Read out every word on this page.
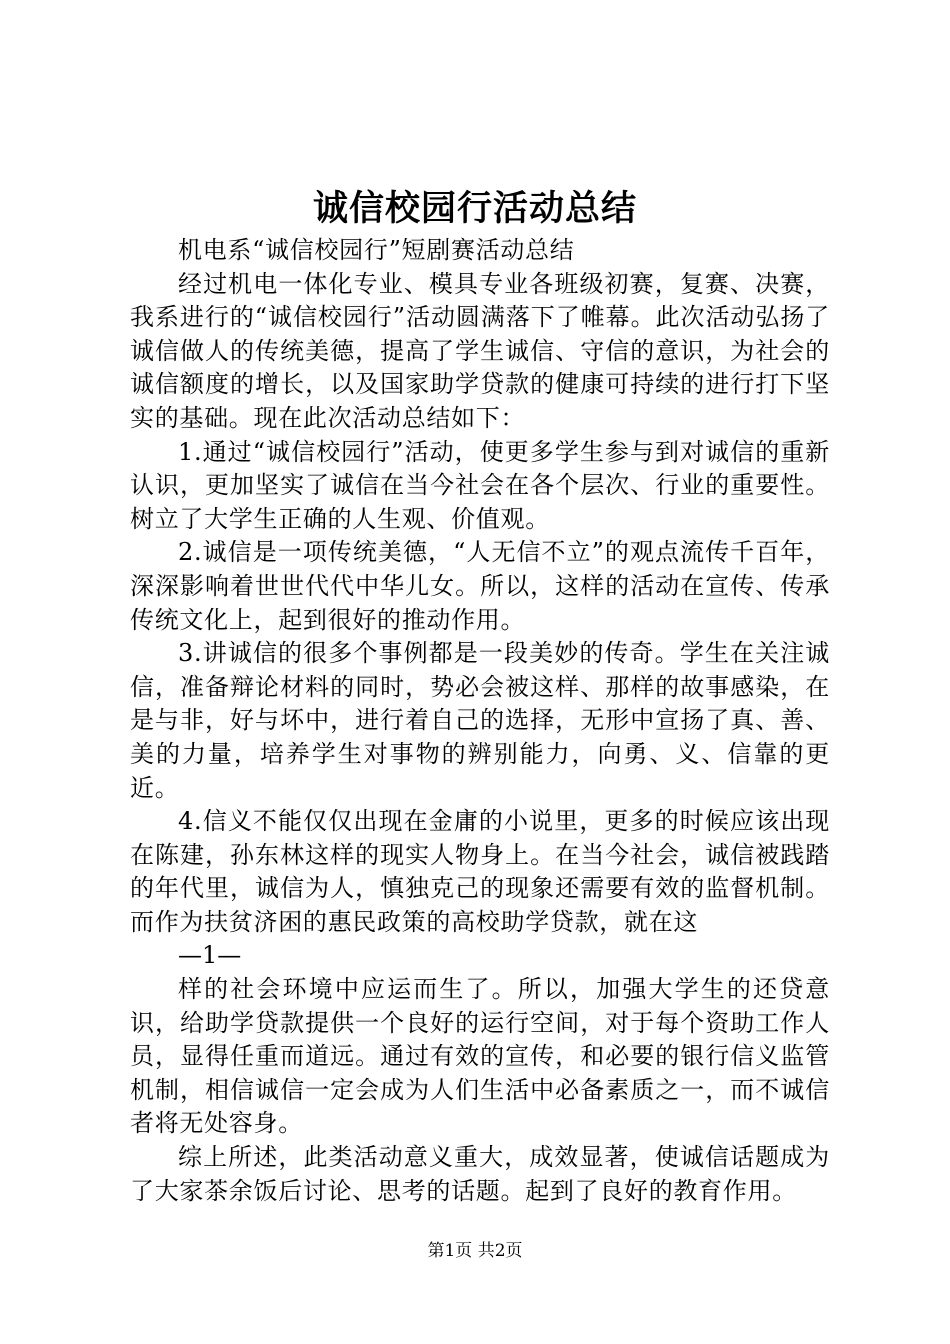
诚信校园行活动总结

机电系“诚信校园行”短剧赛活动总结

经过机电一体化专业、模具专业各班级初赛，复赛、决赛，我系进行的“诚信校园行”活动圆满落下了帷幕。此次活动弘扬了诚信做人的传统美德，提高了学生诚信、守信的意识，为社会的诚信额度的增长，以及国家助学贷款的健康可持续的进行打下坚实的基础。现在此次活动总结如下：

1.通过“诚信校园行”活动，使更多学生参与到对诚信的重新认识，更加坚实了诚信在当今社会在各个层次、行业的重要性。树立了大学生正确的人生观、价值观。

2.诚信是一项传统美德，“人无信不立”的观点流传千百年，深深影响着世世代代中华儿女。所以，这样的活动在宣传、传承传统文化上，起到很好的推动作用。

3.讲诚信的很多个事例都是一段美妙的传奇。学生在关注诚信，准备辩论材料的同时，势必会被这样、那样的故事感染，在是与非，好与坏中，进行着自己的选择，无形中宣扬了真、善、美的力量，培养学生对事物的辨别能力，向勇、义、信靠的更近。

4.信义不能仅仅出现在金庸的小说里，更多的时候应该出现在陈建，孙东林这样的现实人物身上。在当今社会，诚信被践踏的年代里，诚信为人，慎独克己的现象还需要有效的监督机制。而作为扶贫济困的惠民政策的高校助学贷款，就在这

—1—

样的社会环境中应运而生了。所以，加强大学生的还贷意识，给助学贷款提供一个良好的运行空间，对于每个资助工作人员，显得任重而道远。通过有效的宣传，和必要的银行信义监管机制，相信诚信一定会成为人们生活中必备素质之一，而不诚信者将无处容身。

综上所述，此类活动意义重大，成效显著，使诚信话题成为了大家茶余饭后讨论、思考的话题。起到了良好的教育作用。

第1页 共2页
